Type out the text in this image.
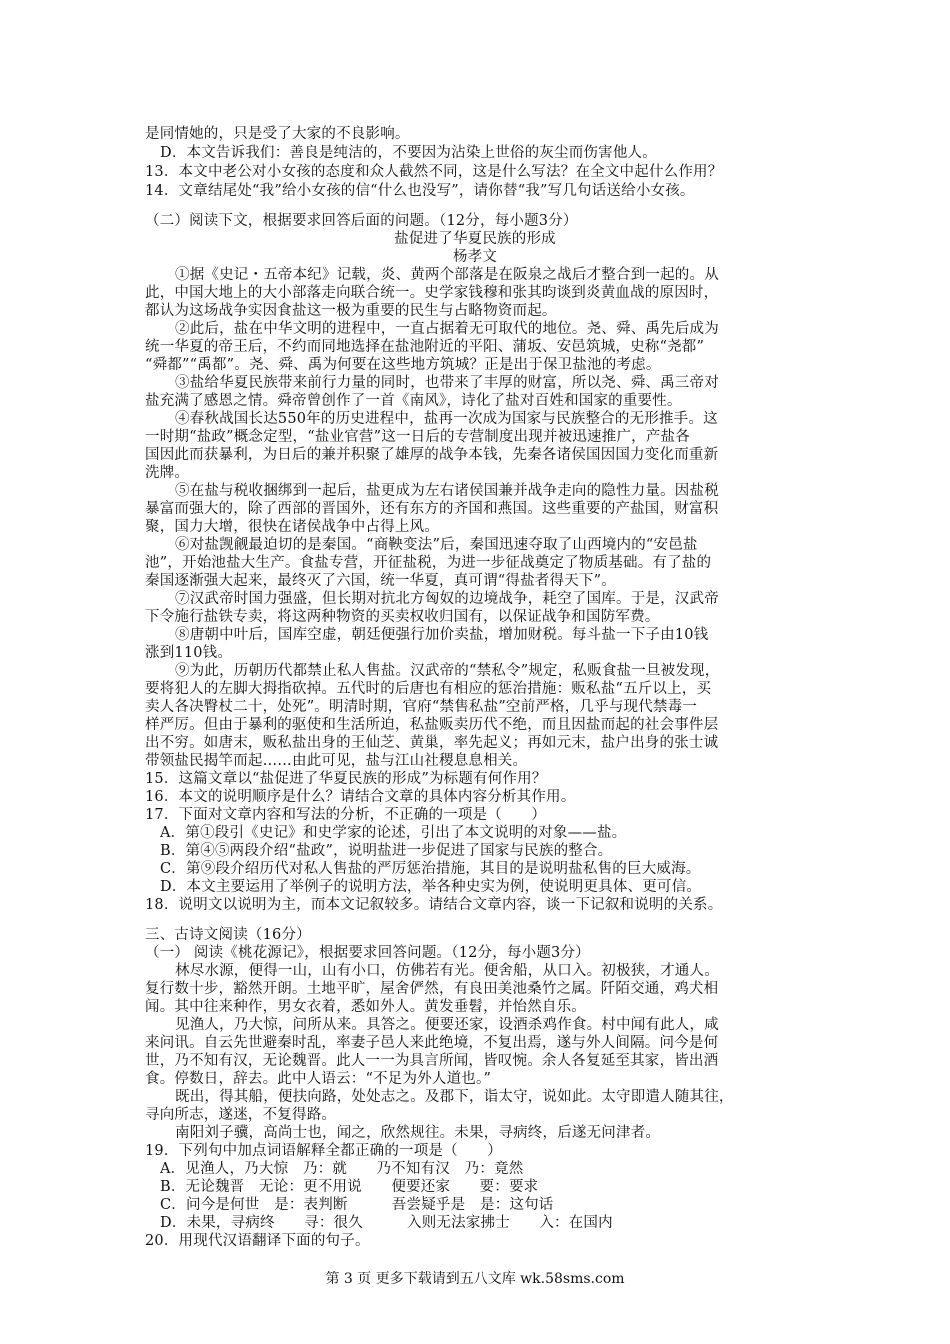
是同情她的，只是受了大家的不良影响。
D．本文告诉我们：善良是纯洁的，不要因为沾染上世俗的灰尘而伤害他人。
13．本文中老公对小女孩的态度和众人截然不同，这是什么写法？在全文中起什么作用？
14．文章结尾处“我”给小女孩的信“什么也没写”，请你替“我”写几句话送给小女孩。
（二）阅读下文，根据要求回答后面的问题。（12分，每小题3分）
盐促进了华夏民族的形成
杨孝文
①据《史记・五帝本纪》记载，炎、黄两个部落是在阪泉之战后才整合到一起的。从
此，中国大地上的大小部落走向联合统一。史学家钱穆和张其昀谈到炎黄血战的原因时，
都认为这场战争实因食盐这一极为重要的民生与占略物资而起。
②此后，盐在中华文明的进程中，一直占据着无可取代的地位。尧、舜、禹先后成为
统一华夏的帝王后，不约而同地选择在盐池附近的平阳、蒲坂、安邑筑城，史称“尧都”
“舜都”“禹都”。尧、舜、禹为何要在这些地方筑城？正是出于保卫盐池的考虑。
③盐给华夏民族带来前行力量的同时，也带来了丰厚的财富，所以尧、舜、禹三帝对
盐充满了感恩之情。舜帝曾创作了一首《南风》，诗化了盐对百姓和国家的重要性。
④春秋战国长达550年的历史进程中，盐再一次成为国家与民族整合的无形推手。这
一时期“盐政”概念定型，“盐业官营”这一日后的专营制度出现并被迅速推广，产盐各
国因此而获暴利，为日后的兼并积聚了雄厚的战争本钱，先秦各诸侯国因国力变化而重新
洗牌。
⑤在盐与税收捆绑到一起后，盐更成为左右诸侯国兼并战争走向的隐性力量。因盐税
暴富而强大的，除了西部的晋国外，还有东方的齐国和燕国。这些重要的产盐国，财富积
聚，国力大增，很快在诸侯战争中占得上风。
⑥对盐觊觎最迫切的是秦国。“商鞅变法”后，秦国迅速夺取了山西境内的“安邑盐
池”，开始池盐大生产。食盐专营，开征盐税，为进一步征战奠定了物质基础。有了盐的
秦国逐渐强大起来，最终灭了六国，统一华夏，真可谓“得盐者得天下”。
⑦汉武帝时国力强盛，但长期对抗北方匈奴的边境战争，耗空了国库。于是，汉武帝
下令施行盐铁专卖，将这两种物资的买卖权收归国有，以保证战争和国防军费。
⑧唐朝中叶后，国库空虚，朝廷便强行加价卖盐，增加财税。每斗盐一下子由10钱
涨到110钱。
⑨为此，历朝历代都禁止私人售盐。汉武帝的“禁私令”规定，私贩食盐一旦被发现，
要将犯人的左脚大拇指砍掉。五代时的后唐也有相应的惩治措施：贩私盐“五斤以上，买
卖人各决臀杖二十，处死”。明清时期，官府“禁售私盐”空前严格，几乎与现代禁毒一
样严厉。但由于暴利的驱使和生活所迫，私盐贩卖历代不绝，而且因盐而起的社会事件层
出不穷。如唐末，贩私盐出身的王仙芝、黄巢，率先起义；再如元末，盐户出身的张士诚
带领盐民揭竿而起……由此可见，盐与江山社稷息息相关。
15．这篇文章以“盐促进了华夏民族的形成”为标题有何作用？
16．本文的说明顺序是什么？请结合文章的具体内容分析其作用。
17．下面对文章内容和写法的分析，不正确的一项是（　　）
A．第①段引《史记》和史学家的论述，引出了本文说明的对象——盐。
B．第④⑤两段介绍“盐政”，说明盐进一步促进了国家与民族的整合。
C．第⑨段介绍历代对私人售盐的严厉惩治措施，其目的是说明盐私售的巨大威海。
D．本文主要运用了举例子的说明方法，举各种史实为例，使说明更具体、更可信。
18．说明文以说明为主，而本文记叙较多。请结合文章内容，谈一下记叙和说明的关系。
三、古诗文阅读（16分）
（一） 阅读《桃花源记》，根据要求回答问题。（12分，每小题3分）
林尽水源，便得一山，山有小口，仿佛若有光。便舍船，从口入。初极狭，才通人。
复行数十步，豁然开朗。土地平旷，屋舍俨然，有良田美池桑竹之属。阡陌交通，鸡犬相
闻。其中往来种作，男女衣着，悉如外人。黄发垂髫，并怡然自乐。
见渔人，乃大惊，问所从来。具答之。便要还家，设酒杀鸡作食。村中闻有此人，咸
来问讯。自云先世避秦时乱，率妻子邑人来此绝境，不复出焉，遂与外人间隔。问今是何
世，乃不知有汉，无论魏晋。此人一一为具言所闻，皆叹惋。余人各复延至其家，皆出酒
食。停数日，辞去。此中人语云：“不足为外人道也。”
既出，得其船，便扶向路，处处志之。及郡下，诣太守，说如此。太守即遣人随其往，
寻向所志，遂迷，不复得路。
南阳刘子骥，高尚士也，闻之，欣然规往。未果，寻病终，后遂无问津者。
19．下列句中加点词语解释全都正确的一项是（　　）
A．见渔人，乃大惊　乃：就　　乃不知有汉　乃：竟然
B．无论魏晋　无论：更不用说　　便要还家　　要：要求
C．问今是何世　是：表判断　　　吾尝疑乎是　是：这句话
D．未果，寻病终　　寻：很久　　　入则无法家拂士　　入：在国内
20．用现代汉语翻译下面的句子。
第 3 页 更多下载请到五八文库 wk.58sms.com
